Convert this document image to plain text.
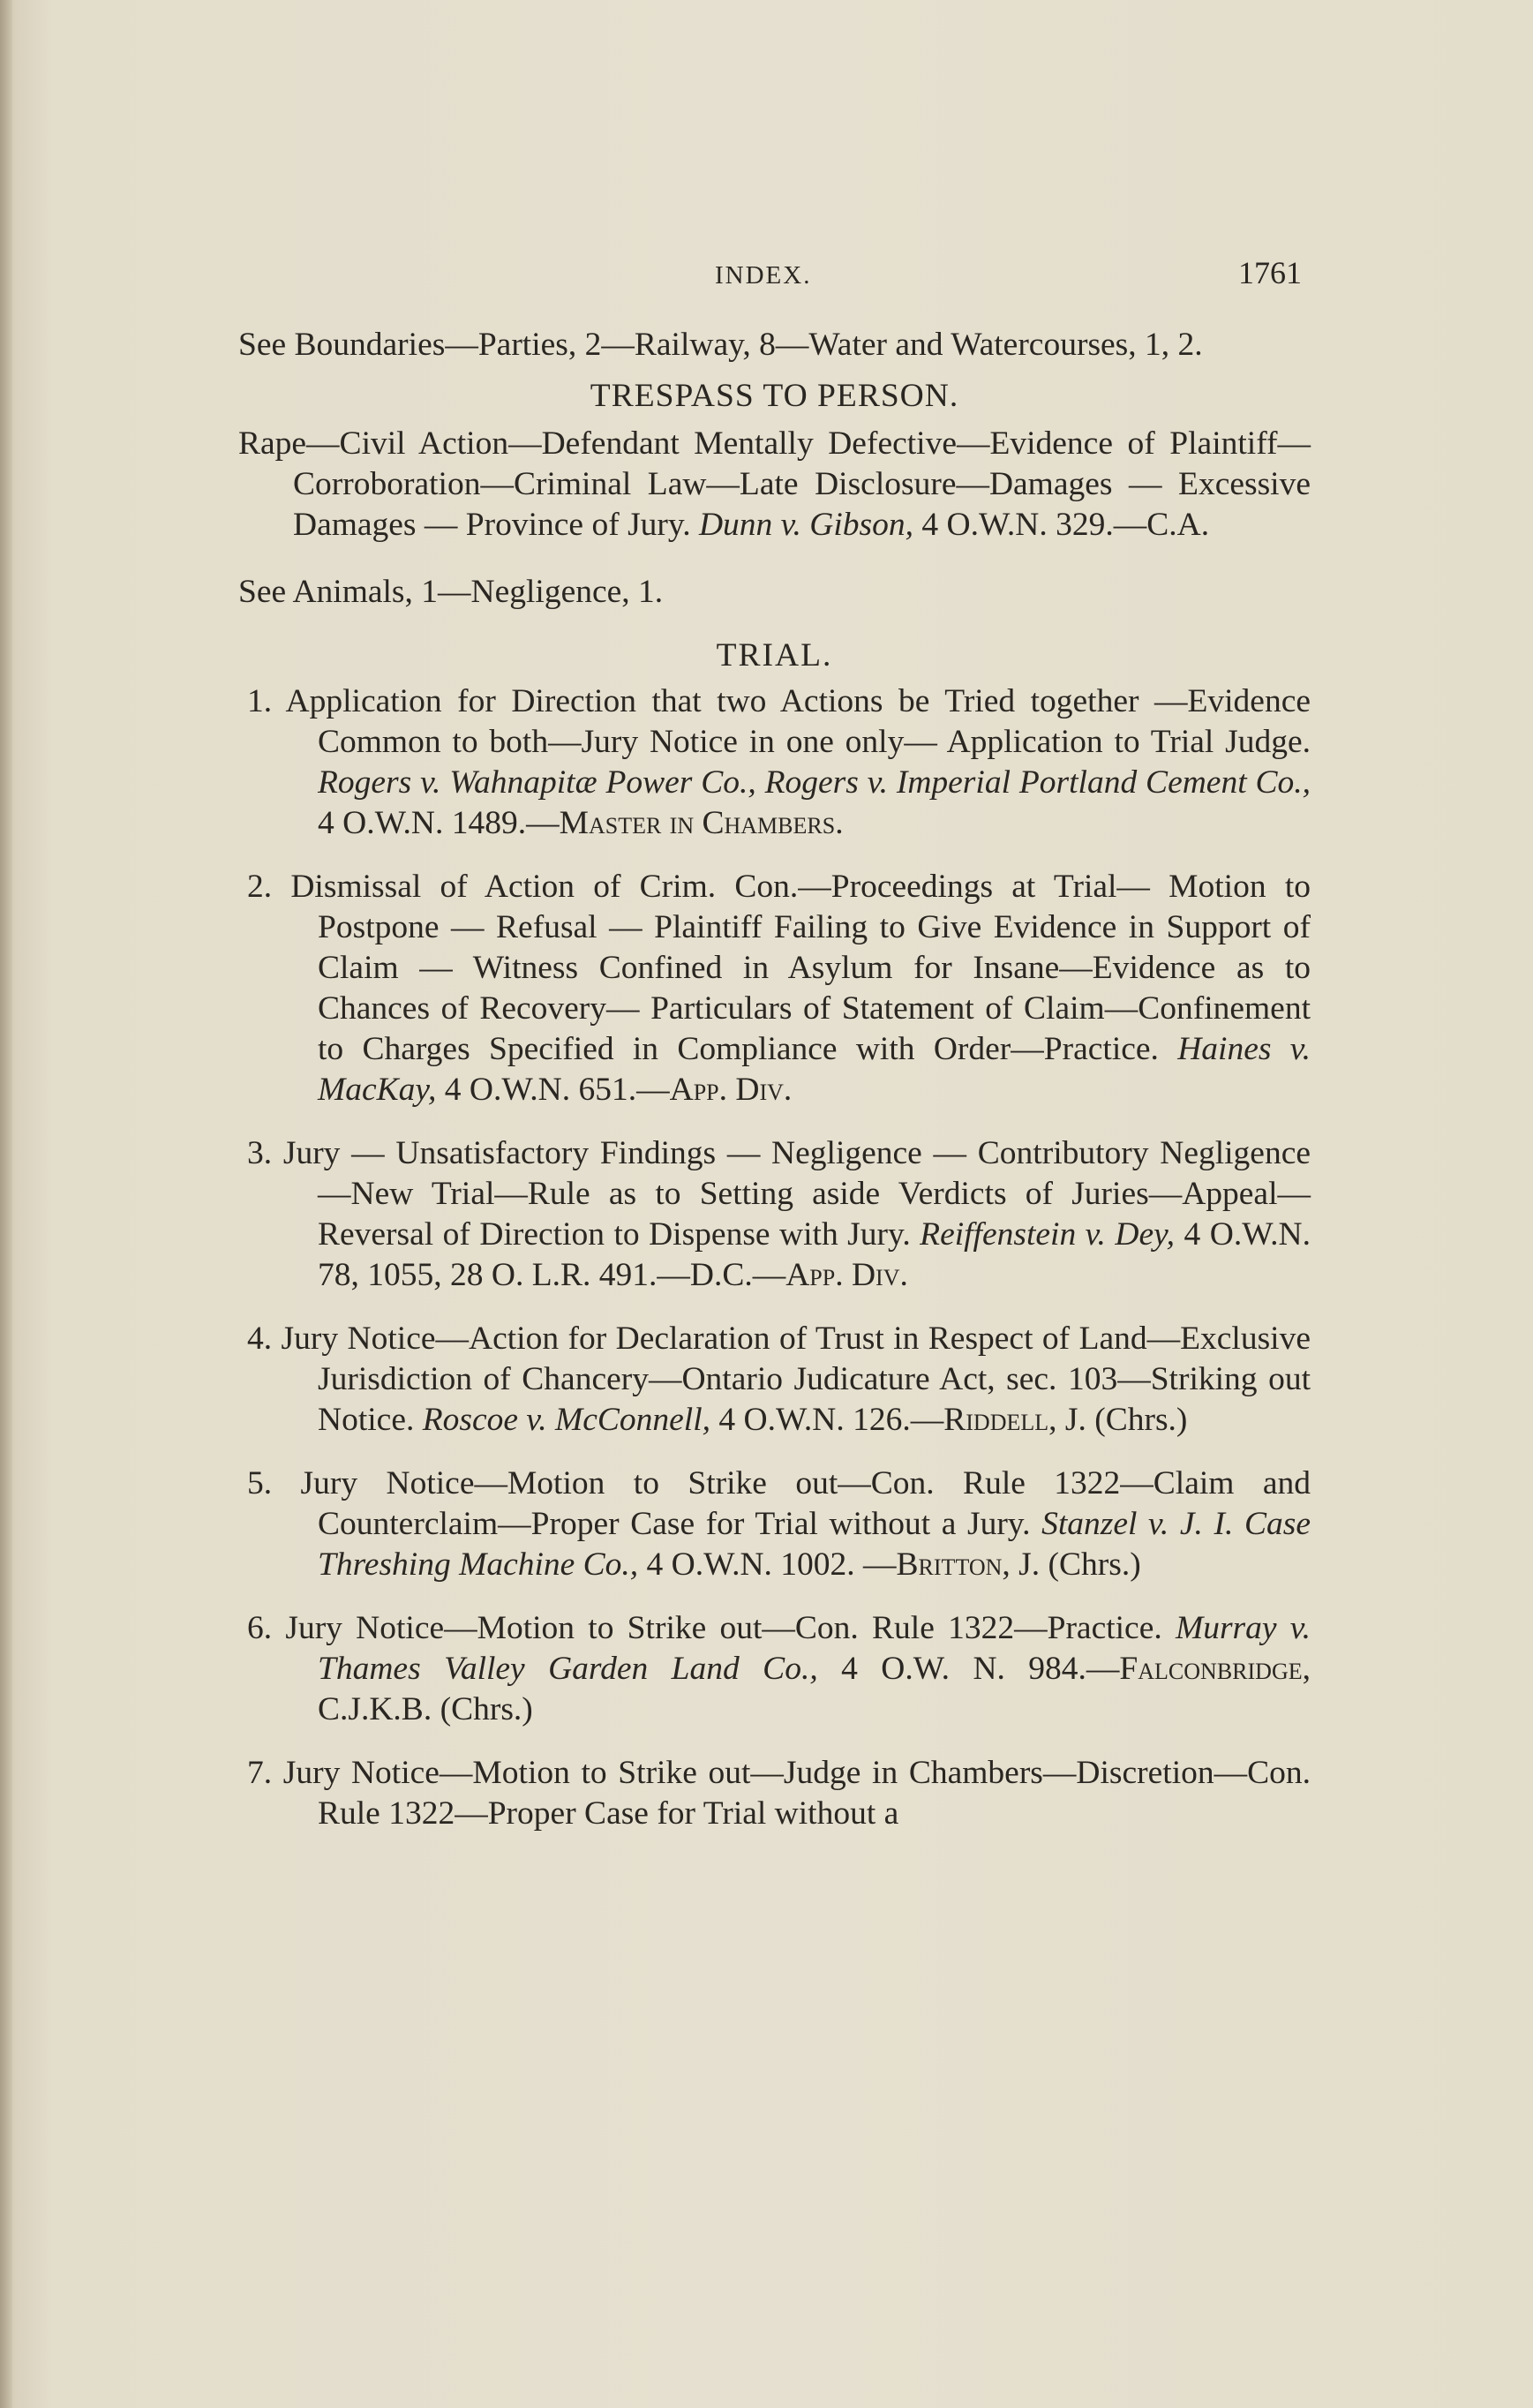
INDEX.	1761

See Boundaries—Parties, 2—Railway, 8—Water and Watercourses, 1, 2.

TRESPASS TO PERSON.

Rape—Civil Action—Defendant Mentally Defective—Evidence of Plaintiff—Corroboration—Criminal Law—Late Disclosure—Damages — Excessive Damages — Province of Jury. Dunn v. Gibson, 4 O.W.N. 329.—C.A.

See Animals, 1—Negligence, 1.

TRIAL.

1. Application for Direction that two Actions be Tried together —Evidence Common to both—Jury Notice in one only— Application to Trial Judge. Rogers v. Wahnapitæ Power Co., Rogers v. Imperial Portland Cement Co., 4 O.W.N. 1489.—Master in Chambers.

2. Dismissal of Action of Crim. Con.—Proceedings at Trial— Motion to Postpone — Refusal — Plaintiff Failing to Give Evidence in Support of Claim — Witness Confined in Asylum for Insane—Evidence as to Chances of Recovery— Particulars of Statement of Claim—Confinement to Charges Specified in Compliance with Order—Practice. Haines v. MacKay, 4 O.W.N. 651.—App. Div.

3. Jury — Unsatisfactory Findings — Negligence — Contributory Negligence—New Trial—Rule as to Setting aside Verdicts of Juries—Appeal— Reversal of Direction to Dispense with Jury. Reiffenstein v. Dey, 4 O.W.N. 78, 1055, 28 O. L.R. 491.—D.C.—App. Div.

4. Jury Notice—Action for Declaration of Trust in Respect of Land—Exclusive Jurisdiction of Chancery—Ontario Judicature Act, sec. 103—Striking out Notice. Roscoe v. McConnell, 4 O.W.N. 126.—Riddell, J. (Chrs.)

5. Jury Notice—Motion to Strike out—Con. Rule 1322—Claim and Counterclaim—Proper Case for Trial without a Jury. Stanzel v. J. I. Case Threshing Machine Co., 4 O.W.N. 1002. —Britton, J. (Chrs.)

6. Jury Notice—Motion to Strike out—Con. Rule 1322—Practice. Murray v. Thames Valley Garden Land Co., 4 O.W. N. 984.—Falconbridge, C.J.K.B. (Chrs.)

7. Jury Notice—Motion to Strike out—Judge in Chambers—Discretion—Con. Rule 1322—Proper Case for Trial without a
